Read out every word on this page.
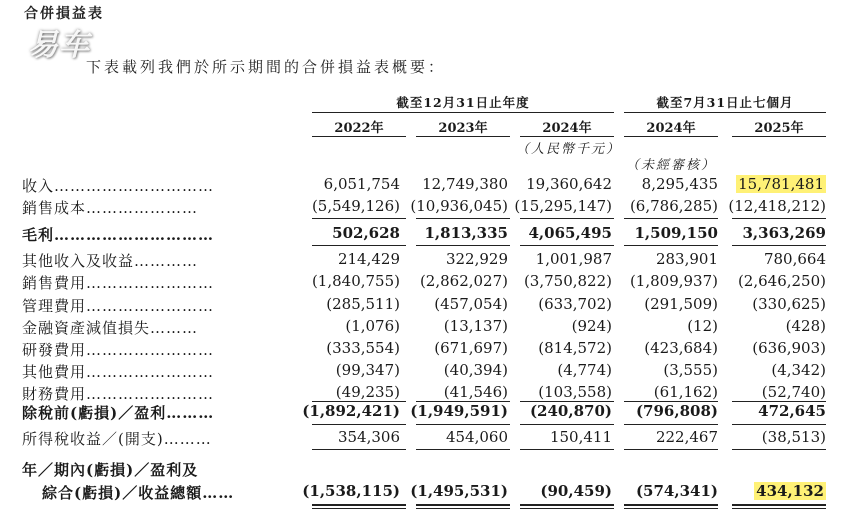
合併損益表
易车
下表載列我們於所示期間的合併損益表概要：
截至12月31日止年度	截至7月31日止七個月
2022年	2023年	2024年	2024年	2025年
（人民幣千元）
（未經審核）
收入…………………………	6,051,754	12,749,380	19,360,642	8,295,435	15,781,481
銷售成本…………………	(5,549,126) (10,936,045) (15,295,147)	(6,786,285) (12,418,212)
毛利…………………………	502,628	1,813,335	4,065,495	1,509,150	3,363,269
其他收入及收益…………	214,429	322,929	1,001,987	283,901	780,664
銷售費用……………………	(1,840,755)	(2,862,027)	(3,750,822)	(1,809,937)	(2,646,250)
管理費用……………………	(285,511)	(457,054)	(633,702)	(291,509)	(330,625)
金融資產減值損失………	(1,076)	(13,137)	(924)	(12)	(428)
研發費用……………………	(333,554)	(671,697)	(814,572)	(423,684)	(636,903)
其他費用……………………	(99,347)	(40,394)	(4,774)	(3,555)	(4,342)
財務費用……………………	(49,235)	(41,546)	(103,558)	(61,162)	(52,740)
除稅前(虧損)／盈利………	(1,892,421) (1,949,591)	(240,870)	(796,808)	472,645
所得稅收益／(開支)………	354,306	454,060	150,411	222,467	(38,513)
年／期內(虧損)／盈利及
綜合(虧損)／收益總額……	(1,538,115) (1,495,531)	(90,459)	(574,341)	434,132
